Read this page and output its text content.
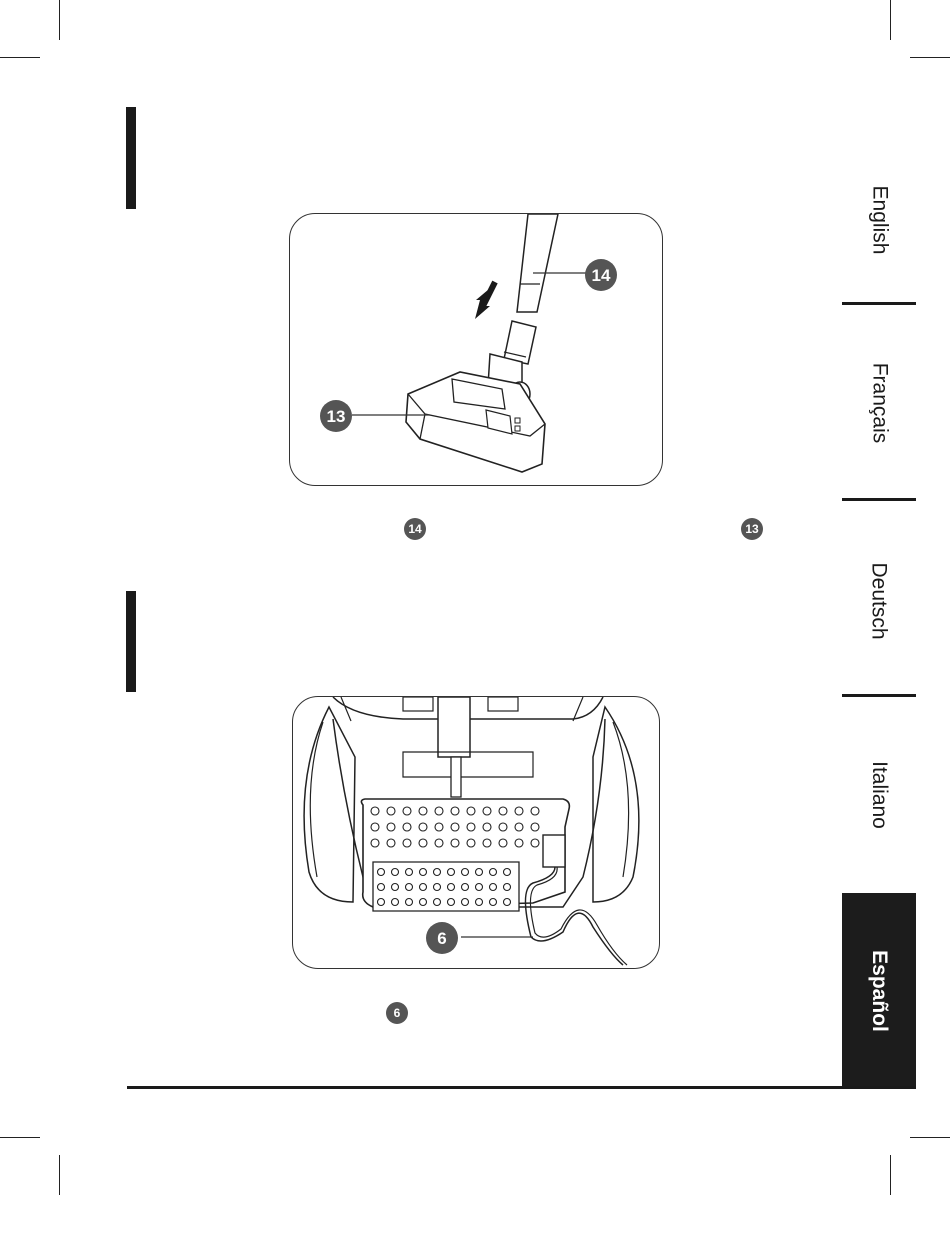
13
14
14	13
6
6
English
Français
Deutsch
Italiano
Español
